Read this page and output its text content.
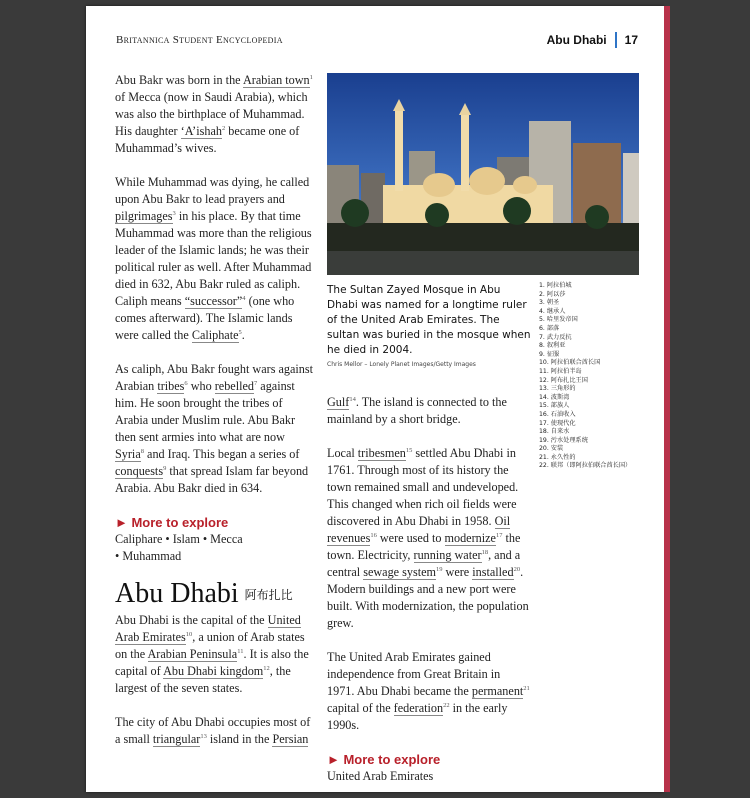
Britannica Student Encyclopedia	Abu Dhabi 17

Abu Bakr was born in the Arabian town$^1$ of Mecca (now in Saudi Arabia), which was also the birthplace of Muhammad. His daughter ‘A’ishah$^2$ became one of Muhammad’s wives.

While Muhammad was dying, he called upon Abu Bakr to lead prayers and pilgrimages$^3$ in his place. By that time Muhammad was more than the religious leader of the Islamic lands; he was their political ruler as well. After Muhammad died in 632, Abu Bakr ruled as caliph. Caliph means “successor”$^4$ (one who comes afterward). The Islamic lands were called the Caliphate$^5$.

As caliph, Abu Bakr fought wars against Arabian tribes$^6$ who rebelled$^7$ against him. He soon brought the tribes of Arabia under Muslim rule. Abu Bakr then sent armies into what are now Syria$^8$ and Iraq. This began a series of conquests$^9$ that spread Islam far beyond Arabia. Abu Bakr died in 634.

► More to explore
Caliphare • Islam • Mecca
• Muhammad
Abu Dhabi 阿布扎比

Abu Dhabi is the capital of the United Arab Emirates$^{10}$, a union of Arab states on the Arabian Peninsula$^{11}$. It is also the capital of Abu Dhabi kingdom$^{12}$, the largest of the seven states.

The city of Abu Dhabi occupies most of a small triangular$^{13}$ island in the Persian

The Sultan Zayed Mosque in Abu Dhabi was named for a longtime ruler of the United Arab Emirates. The sultan was buried in the mosque when he died in 2004.
Chris Mellor – Lonely Planet Images/Getty Images
1. 阿拉伯城
2. 阿以莎
3. 朝圣
4. 继承人
5. 哈里发帝国
6. 部落
7. 武力反抗
8. 叙利亚
9. 征服
10. 阿拉伯联合酋长国
11. 阿拉伯半岛
12. 阿布扎比王国
13. 三角形的
14. 波斯湾
15. 部族人
16. 石油收入
17. 使现代化
18. 自来水
19. 污水处理系统
20. 安装
21. 永久性的
22. 联邦（即阿拉伯联合酋长国）

Gulf$^{14}$. The island is connected to the mainland by a short bridge.

Local tribesmen$^{15}$ settled Abu Dhabi in 1761. Through most of its history the town remained small and undeveloped. This changed when rich oil fields were discovered in Abu Dhabi in 1958. Oil revenues$^{16}$ were used to modernize$^{17}$ the town. Electricity, running water$^{18}$, and a central sewage system$^{19}$ were installed$^{20}$. Modern buildings and a new port were built. With modernization, the population grew.

The United Arab Emirates gained independence from Great Britain in 1971. Abu Dhabi became the permanent$^{21}$ capital of the federation$^{22}$ in the early 1990s.

► More to explore
United Arab Emirates
